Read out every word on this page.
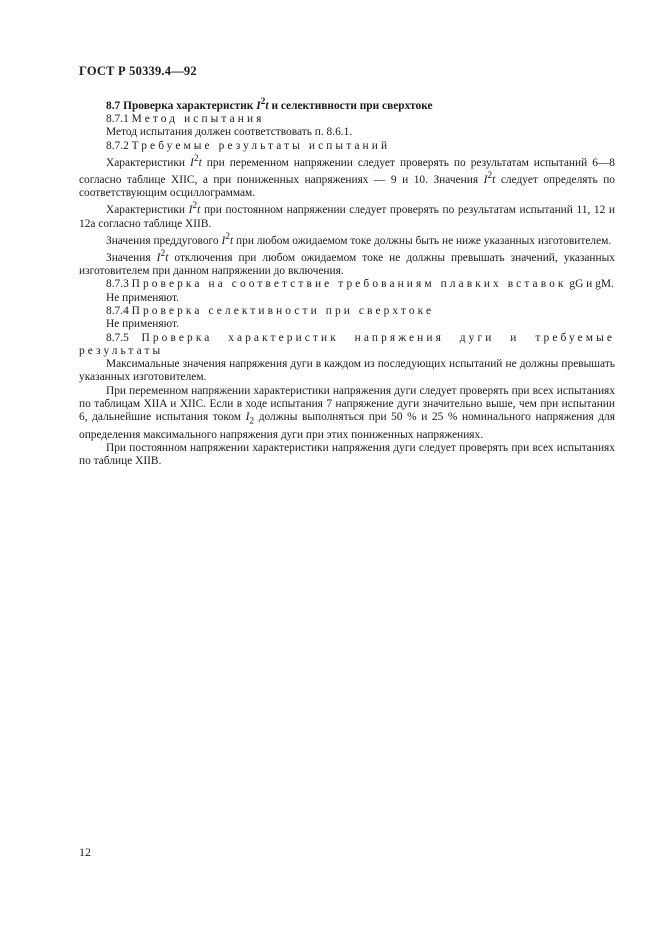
ГОСТ Р 50339.4—92

8.7 Проверка характеристик $I^2t$ и селективности при сверхтоке

8.7.1 Метод испытания

Метод испытания должен соответствовать п. 8.6.1.

8.7.2 Требуемые результаты испытаний

Характеристики $I^2t$ при переменном напряжении следует проверять по результатам испытаний 6—8 согласно таблице XIIC, а при пониженных напряжениях — 9 и 10. Значения $I^2t$ следует определять по соответствующим осциллограммам.

Характеристики $I^2t$ при постоянном напряжении следует проверять по результатам испытаний 11, 12 и 12а согласно таблице XIIB.

Значения преддугового $I^2t$ при любом ожидаемом токе должны быть не ниже указанных изготовителем.

Значения $I^2t$ отключения при любом ожидаемом токе не должны превышать значений, указанных изготовителем при данном напряжении до включения.

8.7.3 Проверка на соответствие требованиям плавких вставок gG и gM.

Не применяют.

8.7.4 Проверка селективности при сверхтоке

Не применяют.

8.7.5 Проверка характеристик напряжения дуги и требуемые результаты

Максимальные значения напряжения дуги в каждом из последующих испытаний не должны превышать указанных изготовителем.

При переменном напряжении характеристики напряжения дуги следует проверять при всех испытаниях по таблицам XIIA и XIIC. Если в ходе испытания 7 напряжение дуги значительно выше, чем при испытании 6, дальнейшие испытания током $I_2$ должны выполняться при 50 % и 25 % номинального напряжения для определения максимального напряжения дуги при этих пониженных напряжениях.

При постоянном напряжении характеристики напряжения дуги следует проверять при всех испытаниях по таблице XIIB.

12
